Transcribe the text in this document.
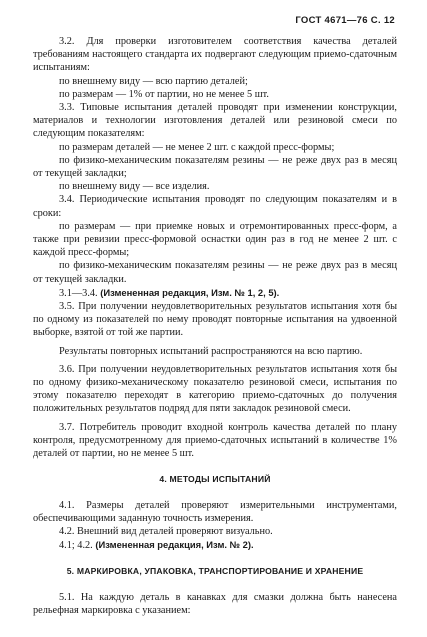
ГОСТ 4671—76 С. 12

3.2. Для проверки изготовителем соответствия качества деталей требованиям настоящего стандарта их подвергают следующим приемо-сдаточным испытаниям:

по внешнему виду — всю партию деталей;

по размерам — 1% от партии, но не менее 5 шт.

3.3. Типовые испытания деталей проводят при изменении конструкции, материалов и технологии изготовления деталей или резиновой смеси по следующим показателям:

по размерам деталей — не менее 2 шт. с каждой пресс-формы;

по физико-механическим показателям резины — не реже двух раз в месяц от текущей закладки;

по внешнему виду — все изделия.

3.4. Периодические испытания проводят по следующим показателям и в сроки:

по размерам — при приемке новых и отремонтированных пресс-форм, а также при ревизии пресс-формовой оснастки один раз в год не менее 2 шт. с каждой пресс-формы;

по физико-механическим показателям резины — не реже двух раз в месяц от текущей закладки.

3.1—3.4. (Измененная редакция, Изм. № 1, 2, 5).

3.5. При получении неудовлетворительных результатов испытания хотя бы по одному из показателей по нему проводят повторные испытания на удвоенной выборке, взятой от той же партии.

Результаты повторных испытаний распространяются на всю партию.

3.6. При получении неудовлетворительных результатов испытания хотя бы по одному физико-механическому показателю резиновой смеси, испытания по этому показателю переходят в категорию приемо-сдаточных до получения положительных результатов подряд для пяти закладок резиновой смеси.

3.7. Потребитель проводит входной контроль качества деталей по плану контроля, предусмотренному для приемо-сдаточных испытаний в количестве 1% деталей от партии, но не менее 5 шт.

4. МЕТОДЫ ИСПЫТАНИЙ

4.1. Размеры деталей проверяют измерительными инструментами, обеспечивающими заданную точность измерения.

4.2. Внешний вид деталей проверяют визуально.

4.1; 4.2. (Измененная редакция, Изм. № 2).

5. МАРКИРОВКА, УПАКОВКА, ТРАНСПОРТИРОВАНИЕ И ХРАНЕНИЕ

5.1. На каждую деталь в канавках для смазки должна быть нанесена рельефная маркировка с указанием:
